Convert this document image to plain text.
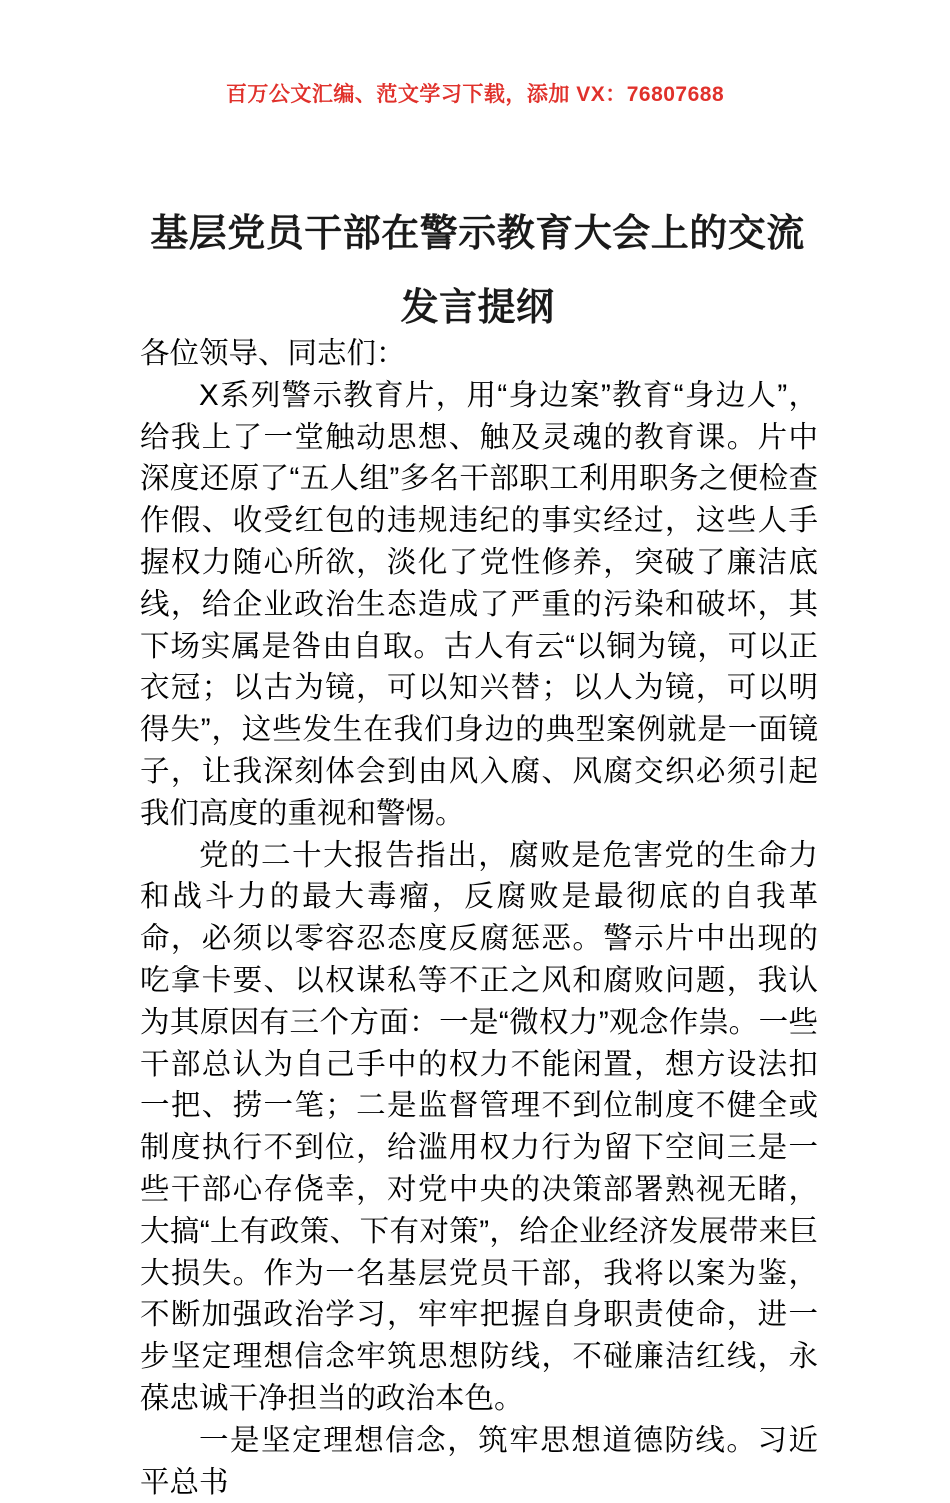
百万公文汇编、范文学习下载，添加 VX：76807688
基层党员干部在警示教育大会上的交流发言提纲

各位领导、同志们：

X系列警示教育片，用“身边案”教育“身边人”，给我上了一堂触动思想、触及灵魂的教育课。片中深度还原了“五人组”多名干部职工利用职务之便检查作假、收受红包的违规违纪的事实经过，这些人手握权力随心所欲，淡化了党性修养，突破了廉洁底线，给企业政治生态造成了严重的污染和破坏，其下场实属是咎由自取。古人有云“以铜为镜，可以正衣冠；以古为镜，可以知兴替；以人为镜，可以明得失”，这些发生在我们身边的典型案例就是一面镜子，让我深刻体会到由风入腐、风腐交织必须引起我们高度的重视和警惕。

党的二十大报告指出，腐败是危害党的生命力和战斗力的最大毒瘤，反腐败是最彻底的自我革命，必须以零容忍态度反腐惩恶。警示片中出现的吃拿卡要、以权谋私等不正之风和腐败问题，我认为其原因有三个方面：一是“微权力”观念作祟。一些干部总认为自己手中的权力不能闲置，想方设法扣一把、捞一笔；二是监督管理不到位制度不健全或制度执行不到位，给滥用权力行为留下空间三是一些干部心存侥幸，对党中央的决策部署熟视无睹，大搞“上有政策、下有对策”，给企业经济发展带来巨大损失。作为一名基层党员干部，我将以案为鉴，不断加强政治学习，牢牢把握自身职责使命，进一步坚定理想信念牢筑思想防线，不碰廉洁红线，永葆忠诚干净担当的政治本色。

一是坚定理想信念，筑牢思想道德防线。习近平总书
